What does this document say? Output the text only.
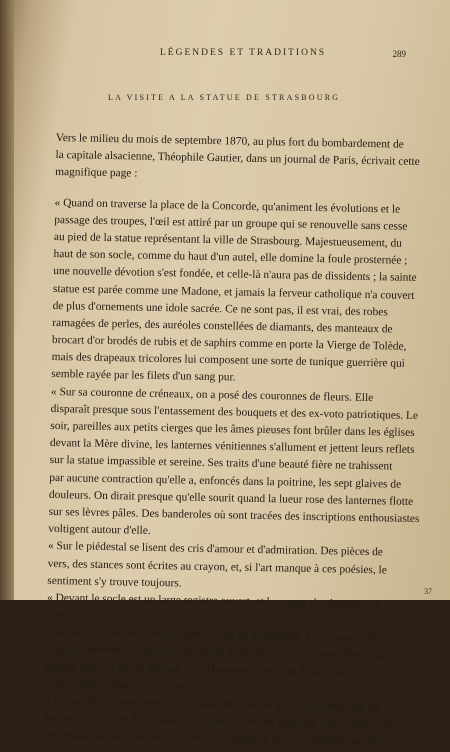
LÉGENDES ET TRADITIONS	289
LA VISITE A LA STATUE DE STRASBOURG
Vers le milieu du mois de septembre 1870, au plus fort du bombardement de
la capitale alsacienne, Théophile Gautier, dans un journal de Paris, écrivait cette
magnifique page :
« Quand on traverse la place de la Concorde, qu'animent les évolutions et le
passage des troupes, l'œil est attiré par un groupe qui se renouvelle sans cesse
au pied de la statue représentant la ville de Strasbourg. Majestueusement, du
haut de son socle, comme du haut d'un autel, elle domine la foule prosternée ;
une nouvelle dévotion s'est fondée, et celle-là n'aura pas de dissidents ; la sainte
statue est parée comme une Madone, et jamais la ferveur catholique n'a couvert
de plus d'ornements une idole sacrée. Ce ne sont pas, il est vrai, des robes
ramagées de perles, des auréoles constellées de diamants, des manteaux de
brocart d'or brodés de rubis et de saphirs comme en porte la Vierge de Tolède,
mais des drapeaux tricolores lui composent une sorte de tunique guerrière qui
semble rayée par les filets d'un sang pur.
« Sur sa couronne de créneaux, on a posé des couronnes de fleurs. Elle
disparaît presque sous l'entassement des bouquets et des ex-voto patriotiques. Le
soir, pareilles aux petits cierges que les âmes pieuses font brûler dans les églises
devant la Mère divine, les lanternes vénitiennes s'allument et jettent leurs reflets
sur la statue impassible et sereine. Ses traits d'une beauté fière ne trahissent
par aucune contraction qu'elle a, enfoncés dans la poitrine, les sept glaives de
douleurs. On dirait presque qu'elle sourit quand la lueur rose des lanternes flotte
sur ses lèvres pâles. Des banderoles où sont tracées des inscriptions enthousiastes
voltigent autour d'elle.
« Sur le piédestal se lisent des cris d'amour et d'admiration. Des pièces de
vers, des stances sont écrites au crayon, et, si l'art manque à ces poésies, le
sentiment s'y trouve toujours.
« Devant le socle est un large registre ouvert, et les noms s'y ajoutent aux
noms.
« Le peuple parisien s'inscrit chez la ville de Strasbourg. Le volume relié
magnifiquement et blasonné aux armes de la glorieuse cité, sera offert à la
grande martyre qui se dévoue pour l'honneur et le salut de la France. Jamais
ville n'aura eu dans ses archives un plus glorieux livre d'or.
« Par un de ces mouvements d'exquise délicatesse qui parfois remuent les
foules d'un frisson électrique, le peuple semble, en adoptant cette statue comme
une image sacrée, comme une sorte de Palladium et en lui rendant un culte
37
